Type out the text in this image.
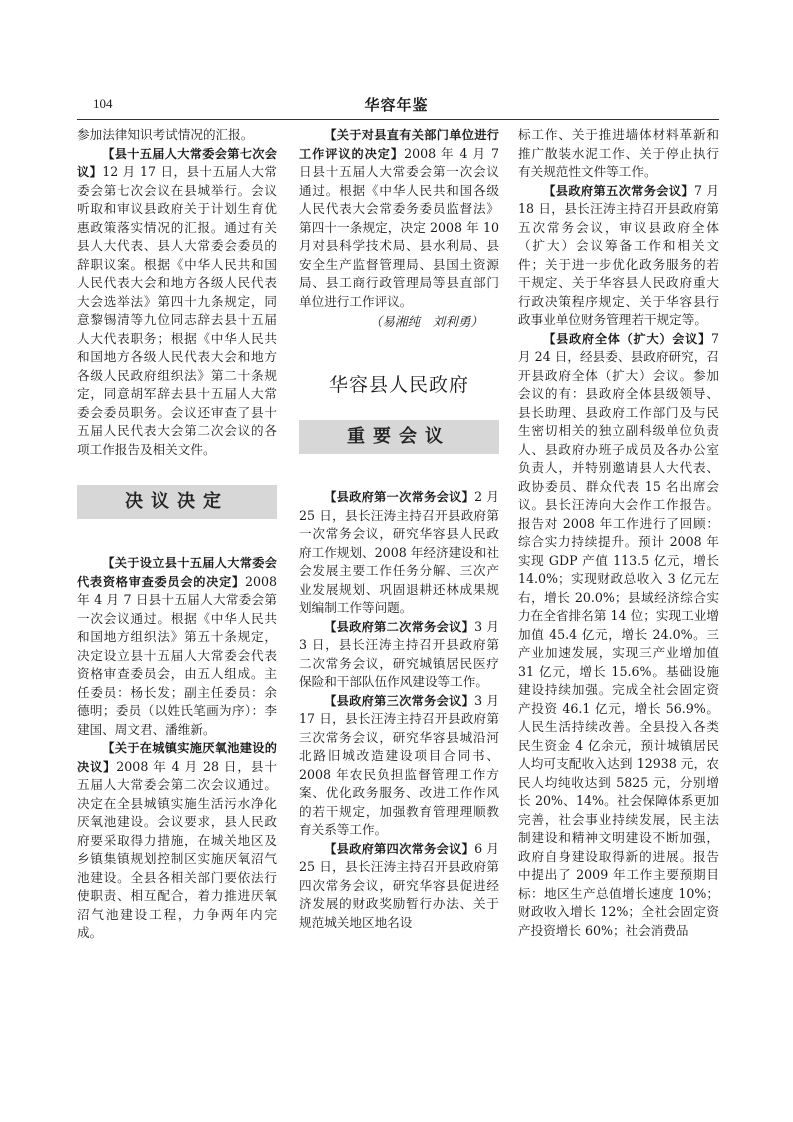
104	华容年鉴

参加法律知识考试情况的汇报。

【县十五届人大常委会第七次会议】12 月 17 日，县十五届人大常委会第七次会议在县城举行。会议听取和审议县政府关于计划生育优惠政策落实情况的汇报。通过有关县人大代表、县人大常委会委员的辞职议案。根据《中华人民共和国人民代表大会和地方各级人民代表大会选举法》第四十九条规定，同意黎锡清等九位同志辞去县十五届人大代表职务；根据《中华人民共和国地方各级人民代表大会和地方各级人民政府组织法》第二十条规定，同意胡军辞去县十五届人大常委会委员职务。会议还审查了县十五届人民代表大会第二次会议的各项工作报告及相关文件。

决议决定

【关于设立县十五届人大常委会代表资格审查委员会的决定】2008 年 4 月 7 日县十五届人大常委会第一次会议通过。根据《中华人民共和国地方组织法》第五十条规定，决定设立县十五届人大常委会代表资格审查委员会，由五人组成。主任委员：杨长发；副主任委员：余德明；委员（以姓氏笔画为序）：李建国、周文君、潘维新。

【关于在城镇实施厌氧池建设的决议】2008 年 4 月 28 日，县十五届人大常委会第二次会议通过。决定在全县城镇实施生活污水净化厌氧池建设。会议要求，县人民政府要采取得力措施，在城关地区及乡镇集镇规划控制区实施厌氧沼气池建设。全县各相关部门要依法行使职责、相互配合，着力推进厌氧沼气池建设工程，力争两年内完成。

【关于对县直有关部门单位进行工作评议的决定】2008 年 4 月 7 日县十五届人大常委会第一次会议通过。根据《中华人民共和国各级人民代表大会常委务委员监督法》第四十一条规定，决定 2008 年 10 月对县科学技术局、县水利局、县安全生产监督管理局、县国土资源局、县工商行政管理局等县直部门单位进行工作评议。

（易湘纯　刘利勇）

华容县人民政府
重要会议

【县政府第一次常务会议】2 月 25 日，县长汪涛主持召开县政府第一次常务会议，研究华容县人民政府工作规划、2008 年经济建设和社会发展主要工作任务分解、三次产业发展规划、巩固退耕还林成果规划编制工作等问题。

【县政府第二次常务会议】3 月 3 日，县长汪涛主持召开县政府第二次常务会议，研究城镇居民医疗保险和干部队伍作风建设等工作。

【县政府第三次常务会议】3 月 17 日，县长汪涛主持召开县政府第三次常务会议，研究华容县城沿河北路旧城改造建设项目合同书、2008 年农民负担监督管理工作方案、优化政务服务、改进工作作风的若干规定，加强教育管理理顺教育关系等工作。

【县政府第四次常务会议】6 月 25 日，县长汪涛主持召开县政府第四次常务会议，研究华容县促进经济发展的财政奖励暂行办法、关于规范城关地区地名设

标工作、关于推进墙体材料革新和推广散装水泥工作、关于停止执行有关规范性文件等工作。

【县政府第五次常务会议】7 月 18 日，县长汪涛主持召开县政府第五次常务会议，审议县政府全体（扩大）会议筹备工作和相关文件；关于进一步优化政务服务的若干规定、关于华容县人民政府重大行政决策程序规定、关于华容县行政事业单位财务管理若干规定等。

【县政府全体（扩大）会议】7 月 24 日，经县委、县政府研究，召开县政府全体（扩大）会议。参加会议的有：县政府全体县级领导、县长助理、县政府工作部门及与民生密切相关的独立副科级单位负责人、县政府办班子成员及各办公室负责人，并特别邀请县人大代表、政协委员、群众代表 15 名出席会议。县长汪涛向大会作工作报告。报告对 2008 年工作进行了回顾：综合实力持续提升。预计 2008 年实现 GDP 产值 113.5 亿元，增长 14.0%；实现财政总收入 3 亿元左右，增长 20.0%；县域经济综合实力在全省排名第 14 位；实现工业增加值 45.4 亿元，增长 24.0%。三产业加速发展，实现三产业增加值 31 亿元，增长 15.6%。基础设施建设持续加强。完成全社会固定资产投资 46.1 亿元，增长 56.9%。人民生活持续改善。全县投入各类民生资金 4 亿余元，预计城镇居民人均可支配收入达到 12938 元，农民人均纯收达到 5825 元，分别增长 20%、14%。社会保障体系更加完善，社会事业持续发展，民主法制建设和精神文明建设不断加强，政府自身建设取得新的进展。报告中提出了 2009 年工作主要预期目标：地区生产总值增长速度 10%；财政收入增长 12%；全社会固定资产投资增长 60%；社会消费品
